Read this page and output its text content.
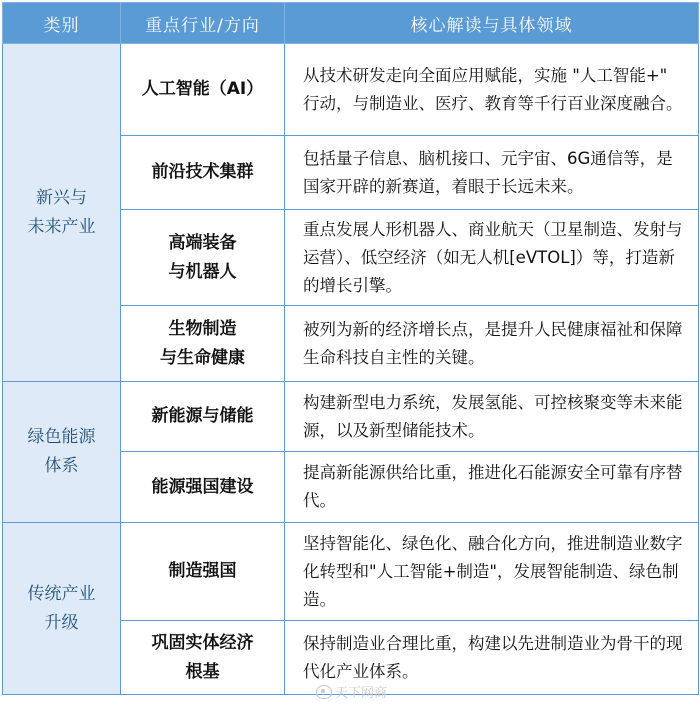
类别	重点行业/方向	核心解读与具体领域
新兴与
未来产业	人工智能（AI）	从技术研发走向全面应用赋能，实施 "人工智能+" 行动，与制造业、医疗、教育等千行百业深度融合。
	前沿技术集群	包括量子信息、脑机接口、元宇宙、6G通信等，是国家开辟的新赛道，着眼于长远未来。
	高端装备
与机器人	重点发展人形机器人、商业航天（卫星制造、发射与运营）、低空经济（如无人机[eVTOL]）等，打造新的增长引擎。
	生物制造
与生命健康	被列为新的经济增长点，是提升人民健康福祉和保障生命科技自主性的关键。
绿色能源
体系	新能源与储能	构建新型电力系统，发展氢能、可控核聚变等未来能源，以及新型储能技术。
	能源强国建设	提高新能源供给比重，推进化石能源安全可靠有序替代。
传统产业
升级	制造强国	坚持智能化、绿色化、融合化方向，推进制造业数字化转型和"人工智能+制造"，发展智能制造、绿色制造。
	巩固实体经济
根基	保持制造业合理比重，构建以先进制造业为骨干的现代化产业体系。
天下网商
